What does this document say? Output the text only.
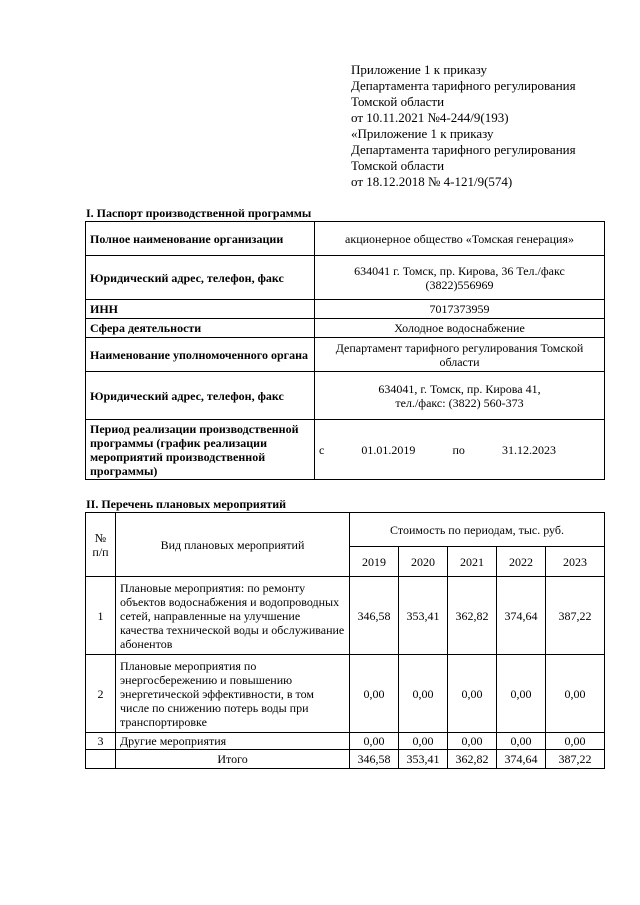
Приложение 1 к приказу
Департамента тарифного регулирования
Томской области
от 10.11.2021 №4-244/9(193)
«Приложение 1 к приказу
Департамента тарифного регулирования
Томской области
от 18.12.2018 № 4-121/9(574)
I. Паспорт производственной программы
Полное наименование организации	акционерное общество «Томская генерация»
Юридический адрес, телефон, факс	634041 г. Томск, пр. Кирова, 36 Тел./факс (3822)556969
ИНН	7017373959
Сфера деятельности	Холодное водоснабжение
Наименование уполномоченного органа	Департамент тарифного регулирования Томской области
Юридический адрес, телефон, факс	634041, г. Томск, пр. Кирова 41,
тел./факс: (3822) 560-373

Период реализации производственной программы (график реализации мероприятий производственной программы)	с 01.01.2019 по 31.12.2023
II. Перечень плановых мероприятий
№ п/п	Вид плановых мероприятий	Стоимость по периодам, тыс. руб.				
		2019	2020	2021	2022	2023
1	Плановые мероприятия: по ремонту объектов водоснабжения и водопроводных сетей, направленные на улучшение качества технической воды и обслуживание абонентов	346,58	353,41	362,82	374,64	387,22
2	Плановые мероприятия по энергосбережению и повышению энергетической эффективности, в том числе по снижению потерь воды при транспортировке	0,00	0,00	0,00	0,00	0,00
3	Другие мероприятия	0,00	0,00	0,00	0,00	0,00
	Итого	346,58	353,41	362,82	374,64	387,22
